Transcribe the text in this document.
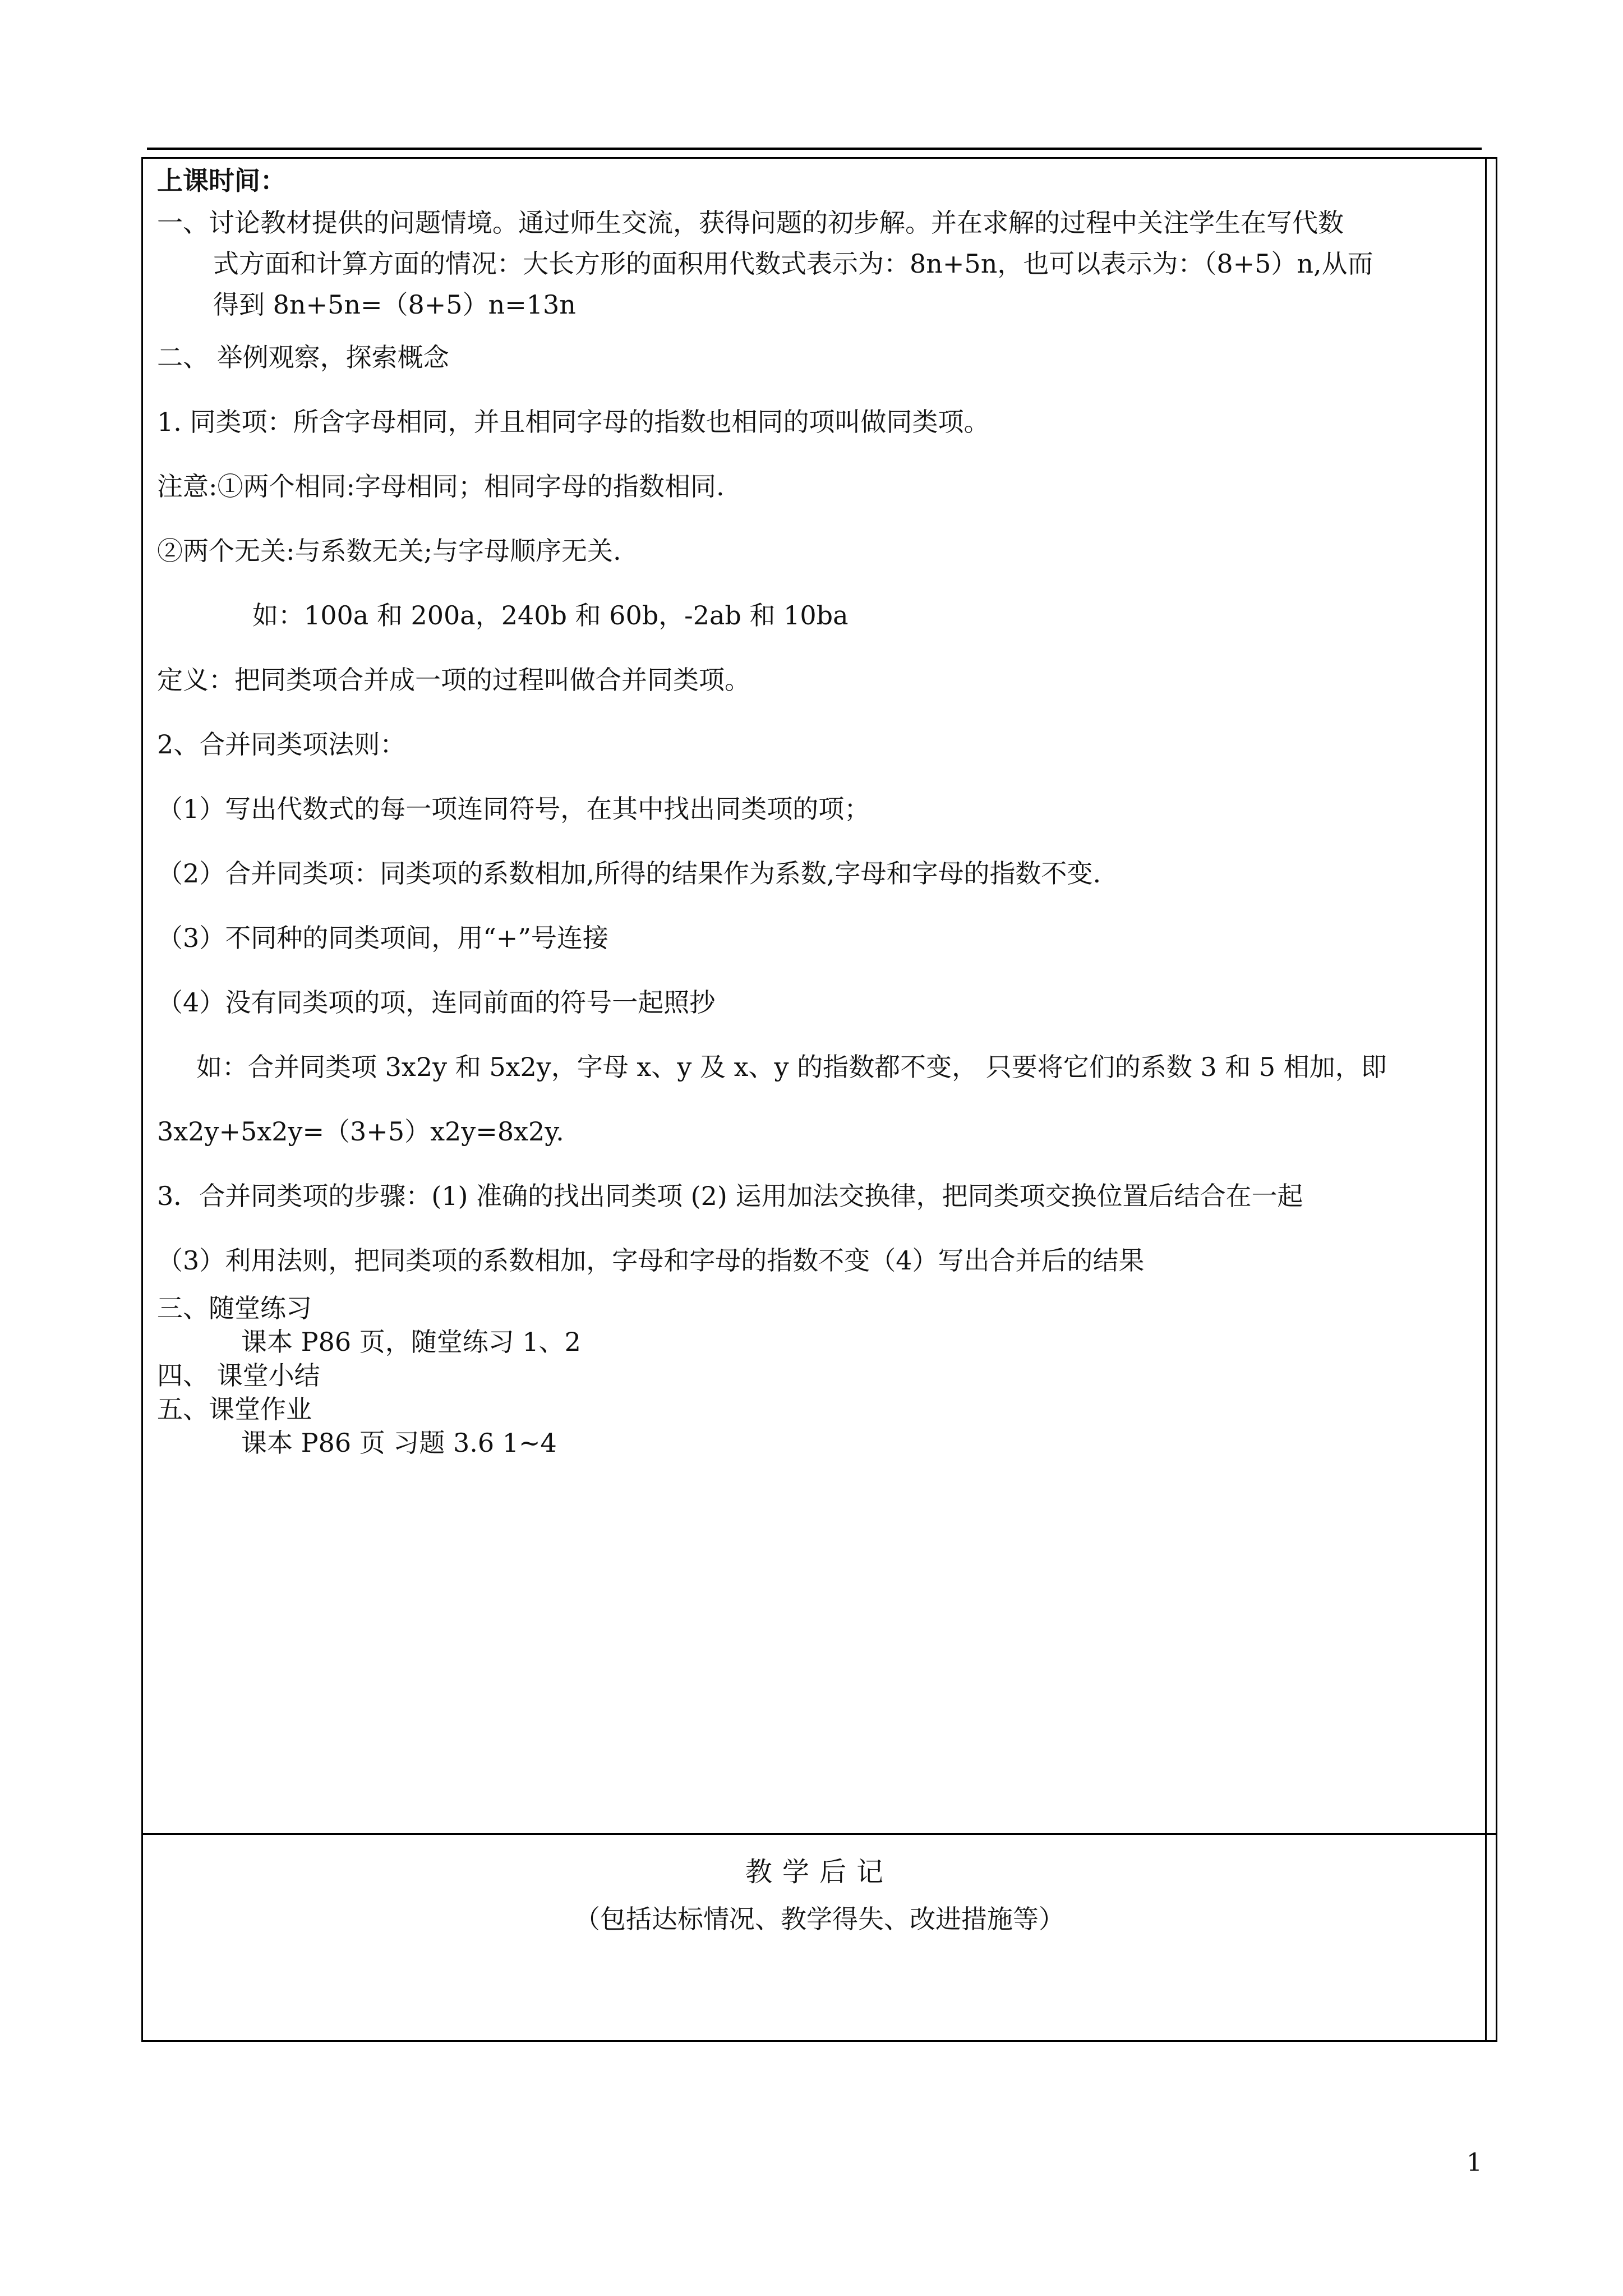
上课时间：
一、讨论教材提供的问题情境。通过师生交流，获得问题的初步解。并在求解的过程中关注学生在写代数
式方面和计算方面的情况：大长方形的面积用代数式表示为：8n+5n，也可以表示为：（8+5）n,从而
得到 8n+5n=（8+5）n=13n
二、 举例观察，探索概念
1. 同类项：所含字母相同，并且相同字母的指数也相同的项叫做同类项。
注意:①两个相同:字母相同；相同字母的指数相同.
②两个无关:与系数无关;与字母顺序无关.
如：100a 和 200a，240b 和 60b，-2ab 和 10ba
定义：把同类项合并成一项的过程叫做合并同类项。
2、合并同类项法则：
（1）写出代数式的每一项连同符号，在其中找出同类项的项；
（2）合并同类项：同类项的系数相加,所得的结果作为系数,字母和字母的指数不变.
（3）不同种的同类项间，用“+”号连接
（4）没有同类项的项，连同前面的符号一起照抄
如：合并同类项 3x2y 和 5x2y，字母 x、y 及 x、y 的指数都不变， 只要将它们的系数 3 和 5 相加，即
3x2y+5x2y=（3+5）x2y=8x2y.
3．合并同类项的步骤：(1) 准确的找出同类项 (2) 运用加法交换律，把同类项交换位置后结合在一起
（3）利用法则，把同类项的系数相加，字母和字母的指数不变（4）写出合并后的结果
三、随堂练习
课本 P86 页，随堂练习 1、2
四、 课堂小结
五、课堂作业
课本 P86 页 习题 3.6 1~4
教学后记
（包括达标情况、教学得失、改进措施等）
1
